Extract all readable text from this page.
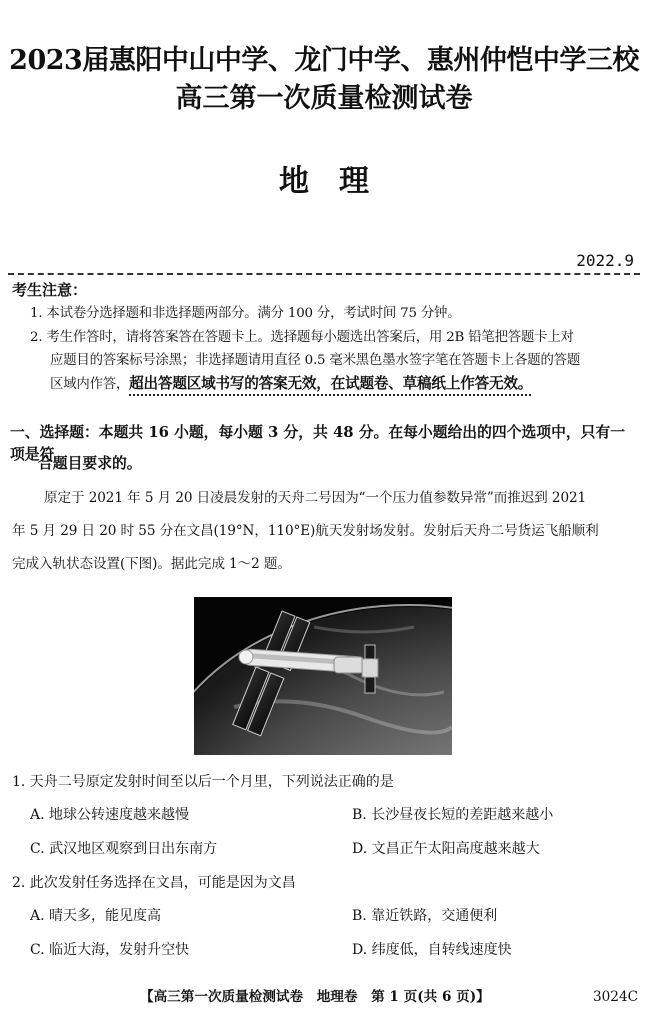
2023届惠阳中山中学、龙门中学、惠州仲恺中学三校
高三第一次质量检测试卷
地　理
2022.9
考生注意：
1. 本试卷分选择题和非选择题两部分。满分 100 分，考试时间 75 分钟。
2. 考生作答时，请将答案答在答题卡上。选择题每小题选出答案后，用 2B 铅笔把答题卡上对
应题目的答案标号涂黑；非选择题请用直径 0.5 毫米黑色墨水签字笔在答题卡上各题的答题
区域内作答，超出答题区域书写的答案无效，在试题卷、草稿纸上作答无效。
一、选择题：本题共 16 小题，每小题 3 分，共 48 分。在每小题给出的四个选项中，只有一项是符
合题目要求的。
原定于 2021 年 5 月 20 日凌晨发射的天舟二号因为“一个压力值参数异常”而推迟到 2021
年 5 月 29 日 20 时 55 分在文昌(19°N，110°E)航天发射场发射。发射后天舟二号货运飞船顺利
完成入轨状态设置(下图)。据此完成 1～2 题。
1. 天舟二号原定发射时间至以后一个月里，下列说法正确的是
A. 地球公转速度越来越慢	B. 长沙昼夜长短的差距越来越小
C. 武汉地区观察到日出东南方	D. 文昌正午太阳高度越来越大
2. 此次发射任务选择在文昌，可能是因为文昌
A. 晴天多，能见度高	B. 靠近铁路，交通便利
C. 临近大海，发射升空快	D. 纬度低，自转线速度快
【高三第一次质量检测试卷　地理卷　第 1 页(共 6 页)】	3024C
